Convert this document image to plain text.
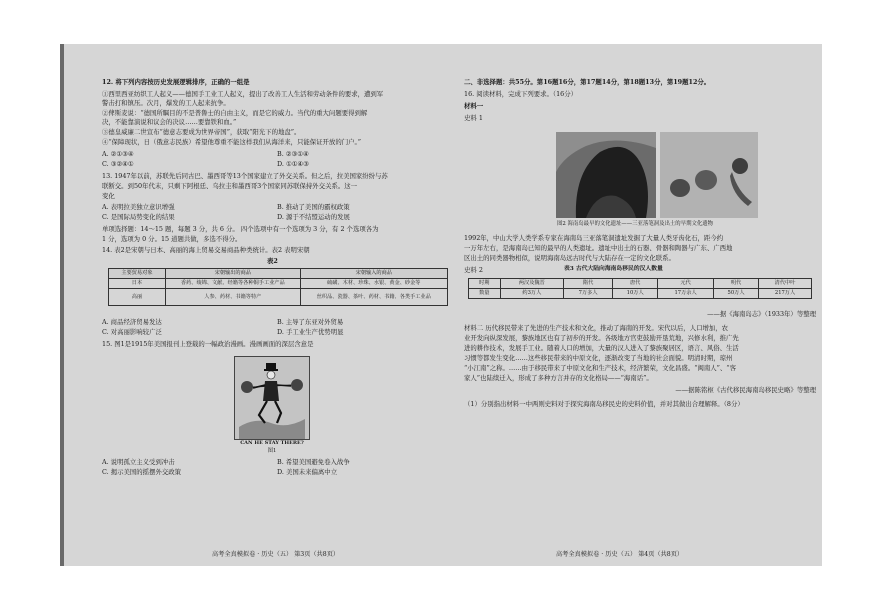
12. 将下列内容按历史发展逻辑排序，正确的一组是
①西里西亚纺织工人起义——德国手工业工人起义，提出了改善工人生活和劳动条件的要求，遭到军
警击打和镇压。次月，爆发的工人起来抗争。
②俾斯麦说：“德国所瞩目的不是普鲁士的自由主义，而是它的威力。当代的重大问题要得到解
决，不能靠演说和议会的决议……要靠铁和血。”
③德皇威廉二世宣布“德意志要成为世界帝国”，获取“阳光下的地盘”。
④“保障现状，日（俄意志民族）希望他尊重不能这样我们从海洋来，只能保证开放的门户。”
A. ②①③④	B. ②③①④
C. ③②④①	D. ①①④③
13. 1947年以前，苏联先后同古巴、墨西哥等13个国家建立了外交关系。但之后，拉美国家纷纷与苏
联断交。到50年代末，只剩下阿根廷、乌拉圭和墨西哥3个国家同苏联保持外交关系。这一
变化
A. 表明拉美独立意识增强	B. 推动了美国的霸权政策
C. 是国际局势变化的结果	D. 源于不结盟运动的发展
单项选择题：14～15 题，每题 3 分，共 6 分。 四个选项中有一个选项为 3 分，有 2 个选项各为
1 分，选项为 0 分。15 道题共做，多选不得分。
14. 表2是宋朝与日本、高丽的海上贸易交易商品种类统计。表2 表明宋朝
表2
主要贸易对象	宋朝输出的商品	宋朝输入的商品
日本	香药、绫锦、文献、经籍等各种铜手工业产品	硫磺、木材、珍珠、水银、黄金、砂金等
高丽	人参、药材、书籍等特产	丝织品、瓷器、茶叶、药材、书籍、各类手工业品
A. 商品经济贸易发达	B. 主导了东亚对外贸易
C. 对高丽影响较广泛	D. 手工业生产优势明显
15. 图1是1915年美国报刊上登载的一幅政治漫画。漫画画面的深层含意是
CAN HE STAY THERE?
图1
A. 说明孤立主义受到冲击	B. 希望美国避免卷入战争
C. 揭示美国的摇摆外交政策	D. 美国未来偏离中立
高考全真模拟卷 · 历史（五） 第3页（共8页）
二、非选择题：共55分。第16题16分，第17题14分，第18题13分，第19题12分。
16. 阅读材料，完成下列要求。（16分）
材料一
史料 1
图2 海南岛最早的文化遗址——三亚落笔洞及出土的早期文化遗物
1992年，中山大学人类学系专家在海南岛三亚落笔洞遗址发掘了大量人类牙齿化石，距今约
一万年左右，是海南岛已知的最早的人类遗址。遗址中出土的石器、骨器和陶器与广东、广西地
区出土的同类器物相似，说明海南岛远古时代与大陆存在一定的文化联系。
史料 2	表3 古代大陆向海南岛移民的汉人数量
时期	两汉及魏晋	隋代	唐代	元代	明代	清代中叶
数量	约3万人	7万多人	10万人	17万余人	50万人	217万人
——据《海南岛志》（1933年）等整理
材料二 历代移民带来了先进的生产技术和文化，推动了海南的开发。宋代以后，人口增加，农
业开发向纵深发展，黎族地区也有了初步的开发。各级地方官吏鼓励开垦荒地，兴修水利，推广先
进的耕作技术，发展手工业。随着人口的增加，大量的汉人进入了黎族聚居区，语言、风俗、生活
习惯等都发生变化……这些移民带来的中原文化，逐渐改变了当地的社会面貌。明清时期，琼州
“小江南”之称。……由于移民带来了中原文化和生产技术，经济繁荣，文化昌盛。“闽南人”、“客
家人”也陆续迁入，形成了多种方言并存的文化格局——“海南话”。
——据陈铭枢《古代移民海南岛移民史略》等整理
（1）分别指出材料一中两则史料对于探究海南岛移民史的史料价值，并对其做出合理解释。（8分）
高考全真模拟卷 · 历史（五） 第4页（共8页）
